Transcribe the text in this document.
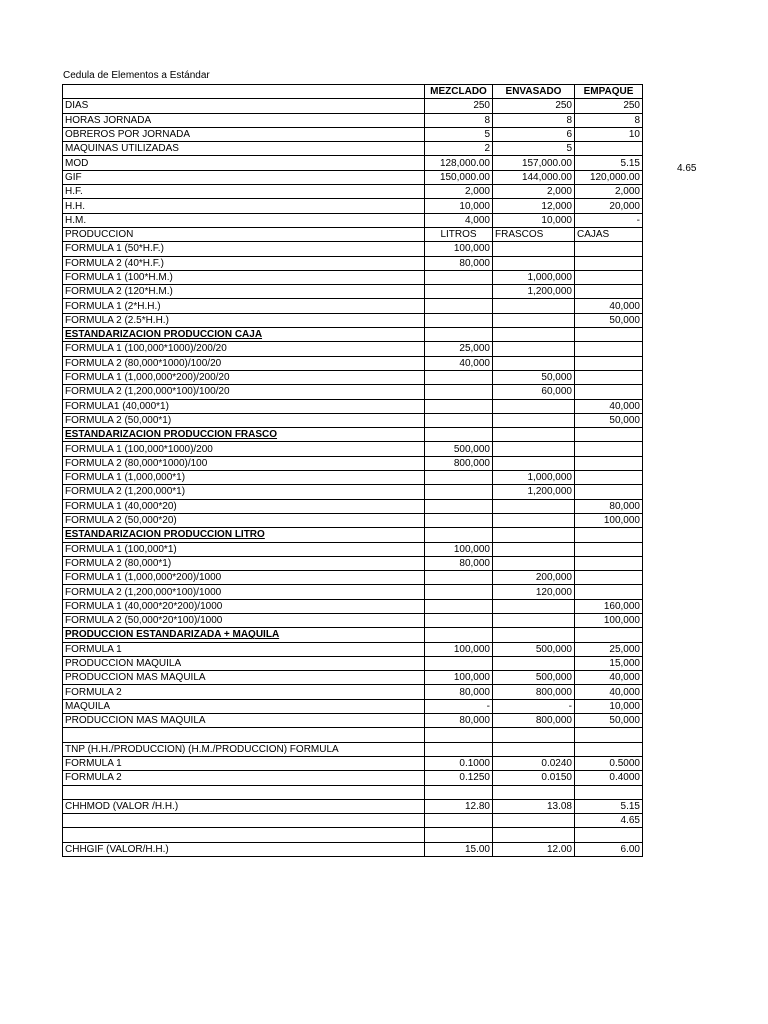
Cedula de Elementos a Estándar
4.65
	MEZCLADO	ENVASADO	EMPAQUE
DIAS	250	250	250
HORAS JORNADA	8	8	8
OBREROS POR JORNADA	5	6	10
MAQUINAS UTILIZADAS	2	5	
MOD	128,000.00	157,000.00	5.15
GIF	150,000.00	144,000.00	120,000.00
H.F.	2,000	2,000	2,000
H.H.	10,000	12,000	20,000
H.M.	4,000	10,000	-
PRODUCCION	LITROS	FRASCOS	CAJAS
FORMULA 1 (50*H.F.)	100,000		
FORMULA 2 (40*H.F.)	80,000		
FORMULA 1 (100*H.M.)		1,000,000	
FORMULA 2 (120*H.M.)		1,200,000	
FORMULA 1 (2*H.H.)			40,000
FORMULA 2 (2.5*H.H.)			50,000
ESTANDARIZACION PRODUCCION CAJA			
FORMULA 1 (100,000*1000)/200/20	25,000		
FORMULA 2 (80,000*1000)/100/20	40,000		
FORMULA 1 (1,000,000*200)/200/20		50,000	
FORMULA 2 (1,200,000*100)/100/20		60,000	
FORMULA1 (40,000*1)			40,000
FORMULA 2 (50,000*1)			50,000
ESTANDARIZACION PRODUCCION FRASCO			
FORMULA 1 (100,000*1000)/200	500,000		
FORMULA 2 (80,000*1000)/100	800,000		
FORMULA 1 (1,000,000*1)		1,000,000	
FORMULA 2 (1,200,000*1)		1,200,000	
FORMULA 1 (40,000*20)			80,000
FORMULA 2 (50,000*20)			100,000
ESTANDARIZACION PRODUCCION LITRO			
FORMULA 1 (100,000*1)	100,000		
FORMULA 2 (80,000*1)	80,000		
FORMULA 1 (1,000,000*200)/1000		200,000	
FORMULA 2 (1,200,000*100)/1000		120,000	
FORMULA 1 (40,000*20*200)/1000			160,000
FORMULA 2 (50,000*20*100)/1000			100,000
PRODUCCION ESTANDARIZADA + MAQUILA			
FORMULA 1	100,000	500,000	25,000
PRODUCCION MAQUILA			15,000
PRODUCCION MAS MAQUILA	100,000	500,000	40,000
FORMULA 2	80,000	800,000	40,000
MAQUILA	-	-	10,000
PRODUCCION MAS MAQUILA	80,000	800,000	50,000

TNP (H.H./PRODUCCION) (H.M./PRODUCCION) FORMULA			
FORMULA 1	0.1000	0.0240	0.5000
FORMULA 2	0.1250	0.0150	0.4000

CHHMOD (VALOR /H.H.)	12.80	13.08	5.15
			4.65

CHHGIF (VALOR/H.H.)	15.00	12.00	6.00
